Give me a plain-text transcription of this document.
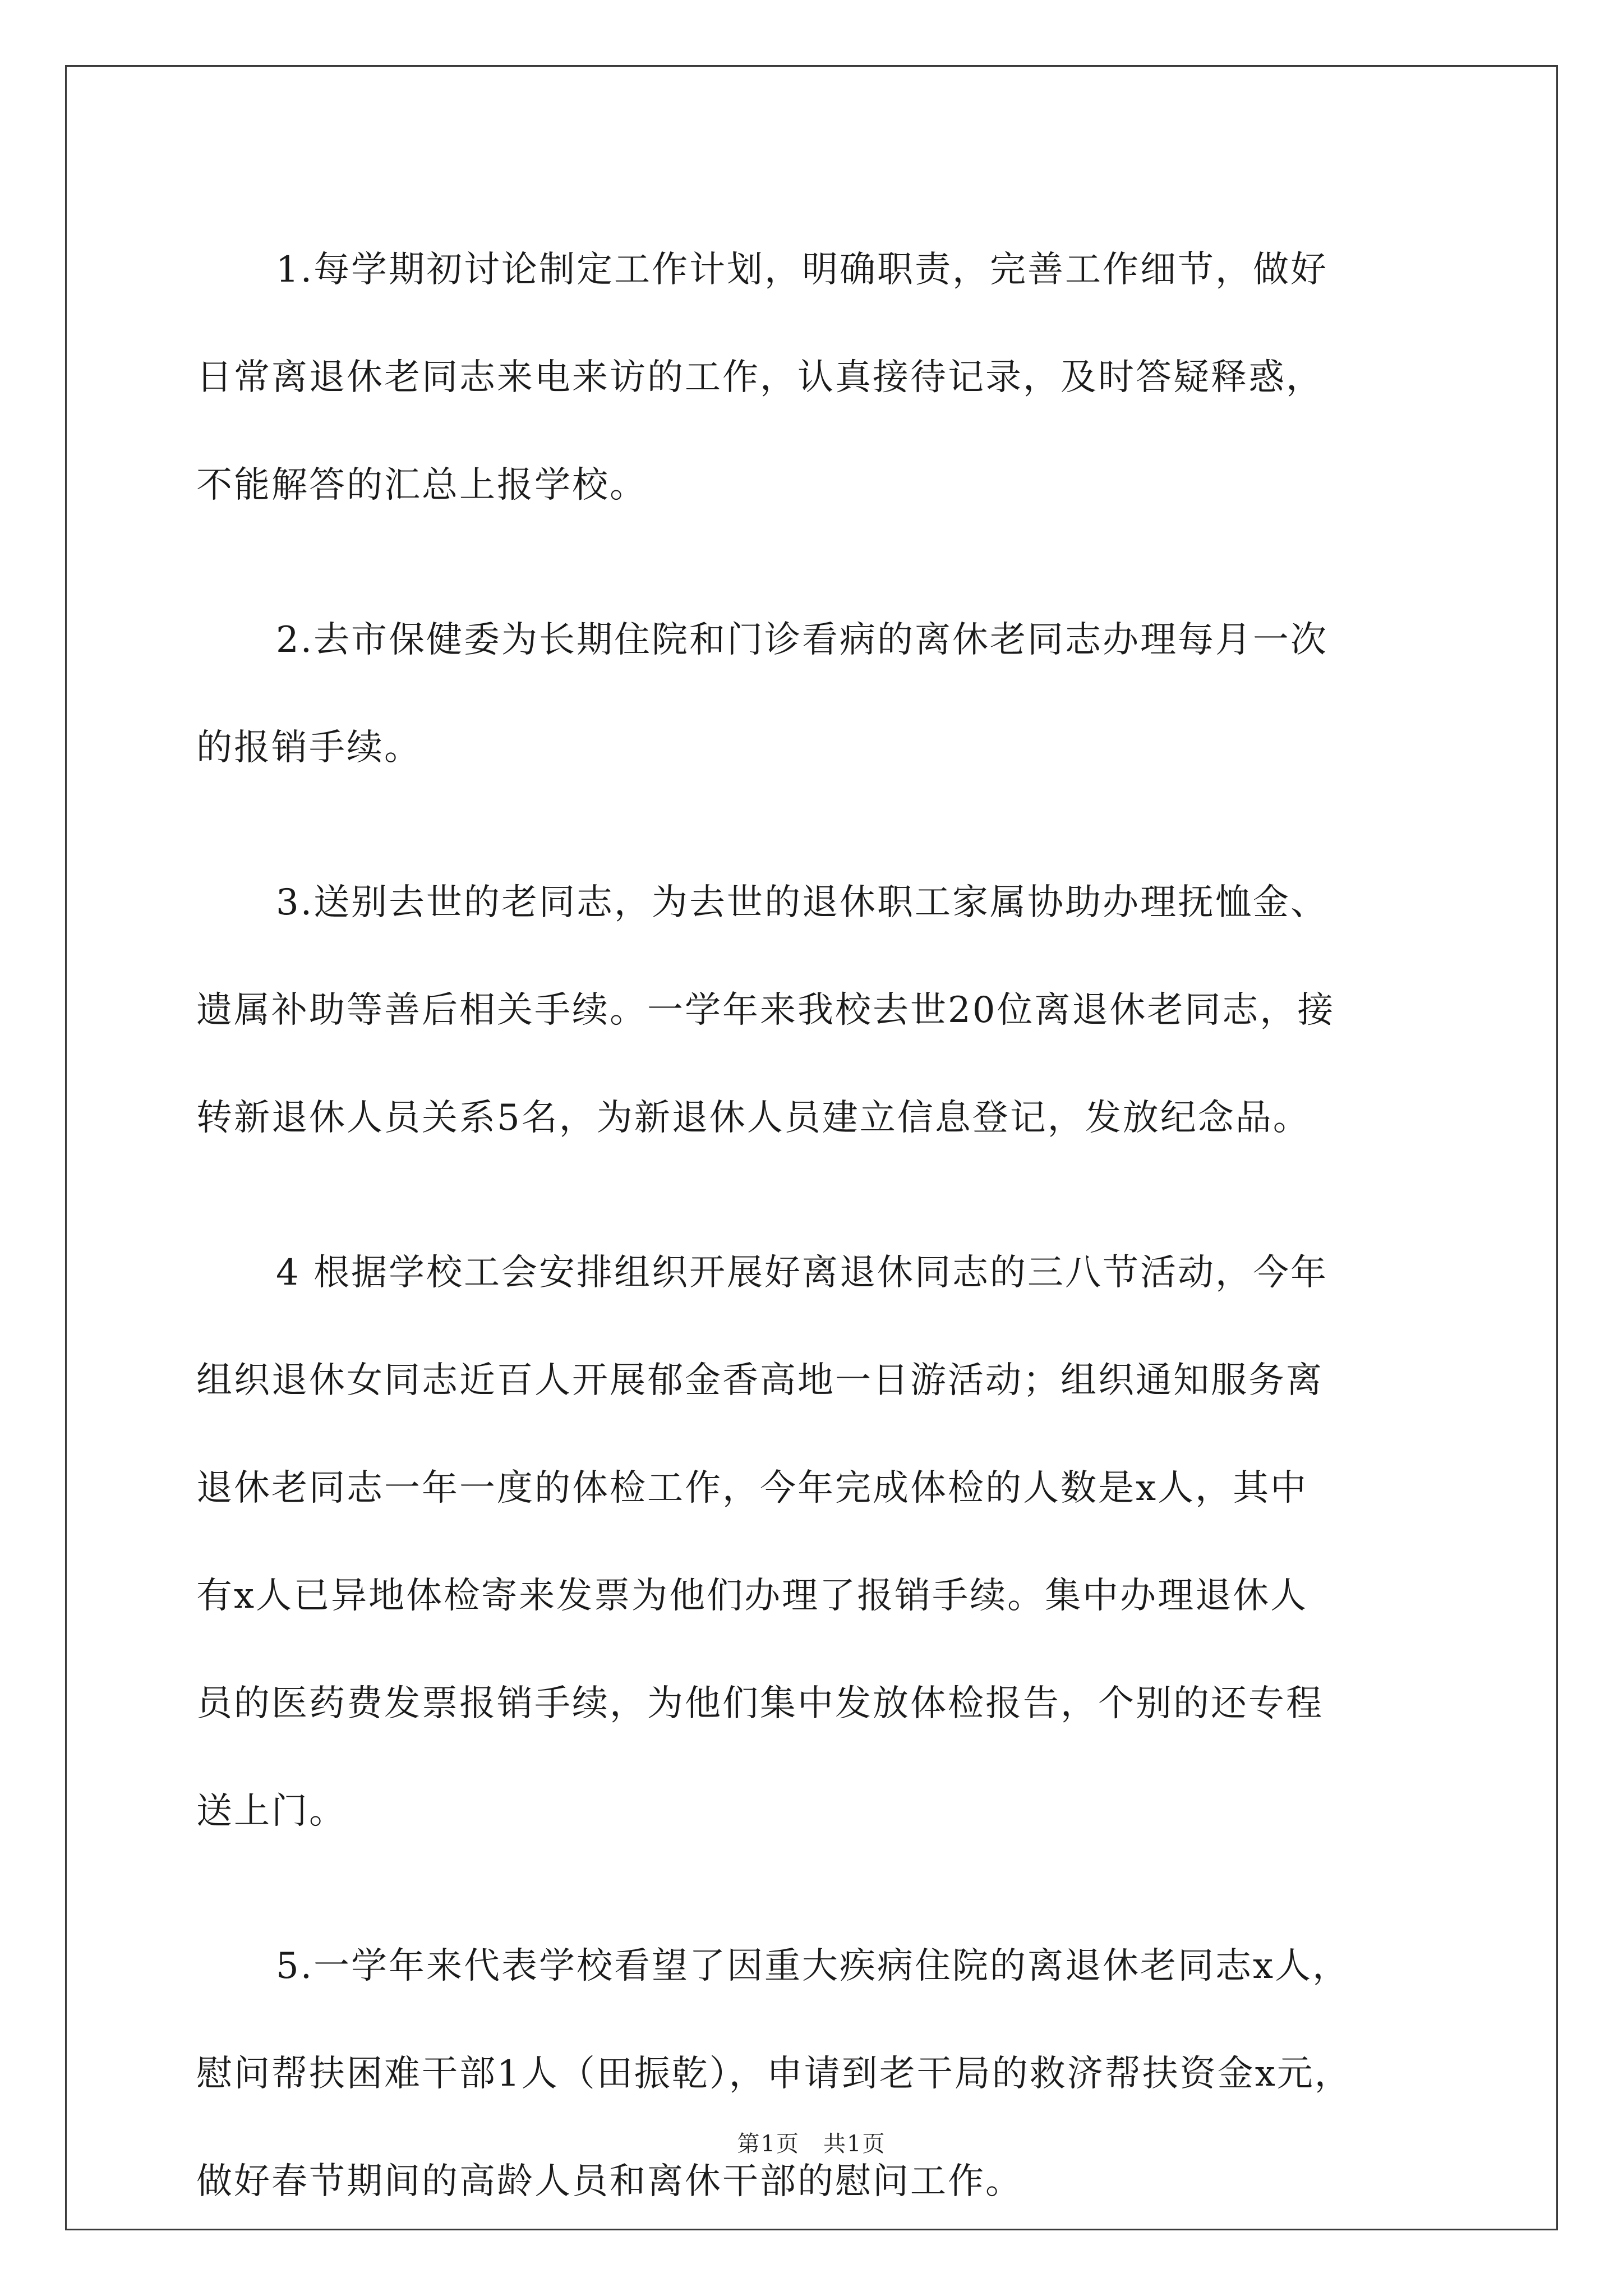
1.每学期初讨论制定工作计划，明确职责，完善工作细节，做好
日常离退休老同志来电来访的工作，认真接待记录，及时答疑释惑，
不能解答的汇总上报学校。
2.去市保健委为长期住院和门诊看病的离休老同志办理每月一次
的报销手续。
3.送别去世的老同志，为去世的退休职工家属协助办理抚恤金、
遗属补助等善后相关手续。一学年来我校去世20位离退休老同志，接
转新退休人员关系5名，为新退休人员建立信息登记，发放纪念品。
4 根据学校工会安排组织开展好离退休同志的三八节活动，今年
组织退休女同志近百人开展郁金香高地一日游活动；组织通知服务离
退休老同志一年一度的体检工作，今年完成体检的人数是x人，其中
有x人已异地体检寄来发票为他们办理了报销手续。集中办理退休人
员的医药费发票报销手续，为他们集中发放体检报告，个别的还专程
送上门。
5.一学年来代表学校看望了因重大疾病住院的离退休老同志x人，
慰问帮扶困难干部1人（田振乾），申请到老干局的救济帮扶资金x元，
做好春节期间的高龄人员和离休干部的慰问工作。
第1页 共1页
